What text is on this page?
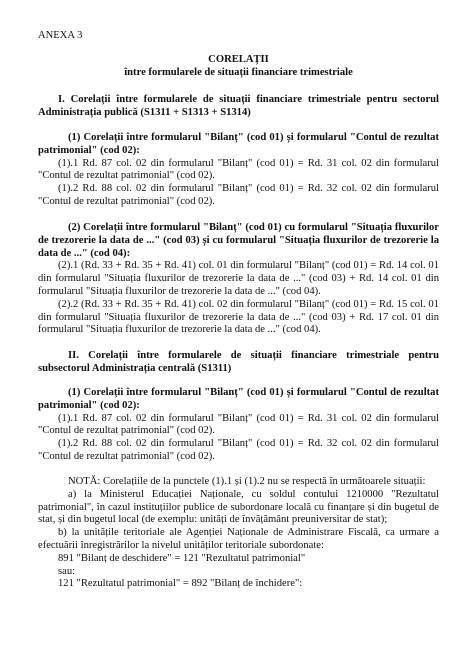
ANEXA 3

CORELAȚII

între formularele de situații financiare trimestriale

I. Corelații între formularele de situații financiare trimestriale pentru sectorul Administrația publică (S1311 + S1313 + S1314)

(1) Corelații între formularul "Bilanț" (cod 01) și formularul "Contul de rezultat patrimonial" (cod 02):

(1).1 Rd. 87 col. 02 din formularul "Bilanț" (cod 01) = Rd. 31 col. 02 din formularul "Contul de rezultat patrimonial" (cod 02).

(1).2 Rd. 88 col. 02 din formularul "Bilanț" (cod 01) = Rd. 32 col. 02 din formularul "Contul de rezultat patrimonial" (cod 02).

(2) Corelații între formularul "Bilanț" (cod 01) cu formularul "Situația fluxurilor de trezorerie la data de ..." (cod 03) și cu formularul "Situația fluxurilor de trezorerie la data de ..." (cod 04):

(2).1 (Rd. 33 + Rd. 35 + Rd. 41) col. 01 din formularul "Bilanț" (cod 01) = Rd. 14 col. 01 din formularul "Situația fluxurilor de trezorerie la data de ..." (cod 03) + Rd. 14 col. 01 din formularul "Situația fluxurilor de trezorerie la data de ..." (cod 04).

(2).2 (Rd. 33 + Rd. 35 + Rd. 41) col. 02 din formularul "Bilanț" (cod 01) = Rd. 15 col. 01 din formularul "Situația fluxurilor de trezorerie la data de ..." (cod 03) + Rd. 17 col. 01 din formularul "Situația fluxurilor de trezorerie la data de ..." (cod 04).

II. Corelații între formularele de situații financiare trimestriale pentru subsectorul Administrația centrală (S1311)

(1) Corelații între formularul "Bilanț" (cod 01) și formularul "Contul de rezultat patrimonial" (cod 02):

(1).1 Rd. 87 col. 02 din formularul "Bilanț" (cod 01) = Rd. 31 col. 02 din formularul "Contul de rezultat patrimonial" (cod 02).

(1).2 Rd. 88 col. 02 din formularul "Bilanț" (cod 01) = Rd. 32 col. 02 din formularul "Contul de rezultat patrimonial" (cod 02).

NOTĂ: Corelațiile de la punctele (1).1 și (1).2 nu se respectă în următoarele situații:

a) la Ministerul Educației Naționale, cu soldul contului 1210000 "Rezultatul patrimonial", în cazul instituțiilor publice de subordonare locală cu finanțare și din bugetul de stat, și din bugetul local (de exemplu: unități de învățământ preuniversitar de stat);

b) la unitățile teritoriale ale Agenției Naționale de Administrare Fiscală, ca urmare a efectuării înregistrărilor la nivelul unităților teritoriale subordonate:

891 "Bilanț de deschidere" = 121 "Rezultatul patrimonial"

sau:

121 "Rezultatul patrimonial" = 892 "Bilanț de închidere":
